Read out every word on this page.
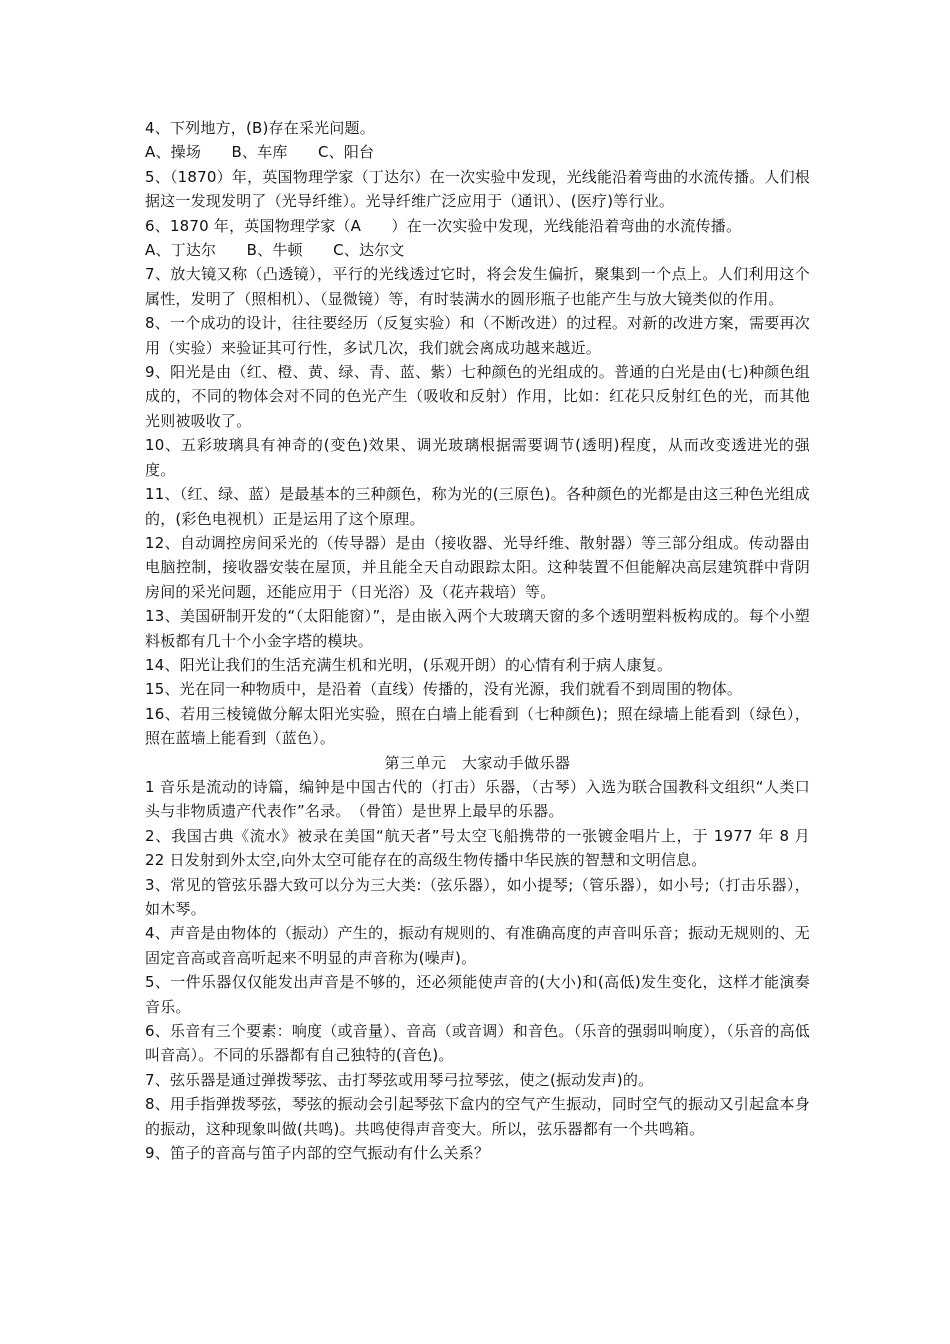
4、下列地方，(B)存在采光问题。

A、操场　　B、车库　　C、阳台

5、（1870）年，英国物理学家（丁达尔）在一次实验中发现，光线能沿着弯曲的水流传播。人们根据这一发现发明了（光导纤维）。光导纤维广泛应用于（通讯）、(医疗)等行业。

6、1870 年，英国物理学家（A　　）在一次实验中发现，光线能沿着弯曲的水流传播。

A、丁达尔　　B、牛顿　　C、达尔文

7、放大镜又称（凸透镜），平行的光线透过它时，将会发生偏折，聚集到一个点上。人们利用这个属性，发明了（照相机）、（显微镜）等，有时装满水的圆形瓶子也能产生与放大镜类似的作用。

8、一个成功的设计，往往要经历（反复实验）和（不断改进）的过程。对新的改进方案，需要再次用（实验）来验证其可行性，多试几次，我们就会离成功越来越近。

9、阳光是由（红、橙、黄、绿、青、蓝、紫）七种颜色的光组成的。普通的白光是由(七)种颜色组成的，不同的物体会对不同的色光产生（吸收和反射）作用，比如：红花只反射红色的光，而其他光则被吸收了。

10、五彩玻璃具有神奇的(变色)效果、调光玻璃根据需要调节(透明)程度，从而改变透进光的强度。

11、（红、绿、蓝）是最基本的三种颜色，称为光的(三原色)。各种颜色的光都是由这三种色光组成的，(彩色电视机）正是运用了这个原理。

12、自动调控房间采光的（传导器）是由（接收器、光导纤维、散射器）等三部分组成。传动器由电脑控制，接收器安装在屋顶，并且能全天自动跟踪太阳。这种装置不但能解决高层建筑群中背阴房间的采光问题，还能应用于（日光浴）及（花卉栽培）等。

13、美国研制开发的“（太阳能窗）”，是由嵌入两个大玻璃天窗的多个透明塑料板构成的。每个小塑料板都有几十个小金字塔的模块。

14、阳光让我们的生活充满生机和光明，(乐观开朗）的心情有利于病人康复。

15、光在同一种物质中，是沿着（直线）传播的，没有光源，我们就看不到周围的物体。

16、若用三棱镜做分解太阳光实验，照在白墙上能看到（七种颜色)；照在绿墙上能看到（绿色），照在蓝墙上能看到（蓝色）。

第三单元　大家动手做乐器

1 音乐是流动的诗篇，编钟是中国古代的（打击）乐器，（古琴）入选为联合国教科文组织“人类口头与非物质遗产代表作”名录。　（骨笛）是世界上最早的乐器。

2、我国古典《流水》被录在美国“航天者”号太空飞船携带的一张镀金唱片上，于 1977 年 8 月 22 日发射到外太空,向外太空可能存在的高级生物传播中华民族的智慧和文明信息。

3、常见的管弦乐器大致可以分为三大类:（弦乐器），如小提琴;（管乐器），如小号;（打击乐器），如木琴。

4、声音是由物体的（振动）产生的，振动有规则的、有准确高度的声音叫乐音；振动无规则的、无固定音高或音高听起来不明显的声音称为(噪声)。

5、一件乐器仅仅能发出声音是不够的，还必须能使声音的(大小)和(高低)发生变化，这样才能演奏音乐。

6、乐音有三个要素：响度（或音量）、音高（或音调）和音色。（乐音的强弱叫响度），（乐音的高低叫音高）。不同的乐器都有自己独特的(音色)。

7、弦乐器是通过弹拨琴弦、击打琴弦或用琴弓拉琴弦，使之(振动发声)的。

8、用手指弹拨琴弦，琴弦的振动会引起琴弦下盒内的空气产生振动，同时空气的振动又引起盒本身的振动，这种现象叫做(共鸣)。共鸣使得声音变大。所以，弦乐器都有一个共鸣箱。

9、笛子的音高与笛子内部的空气振动有什么关系？
